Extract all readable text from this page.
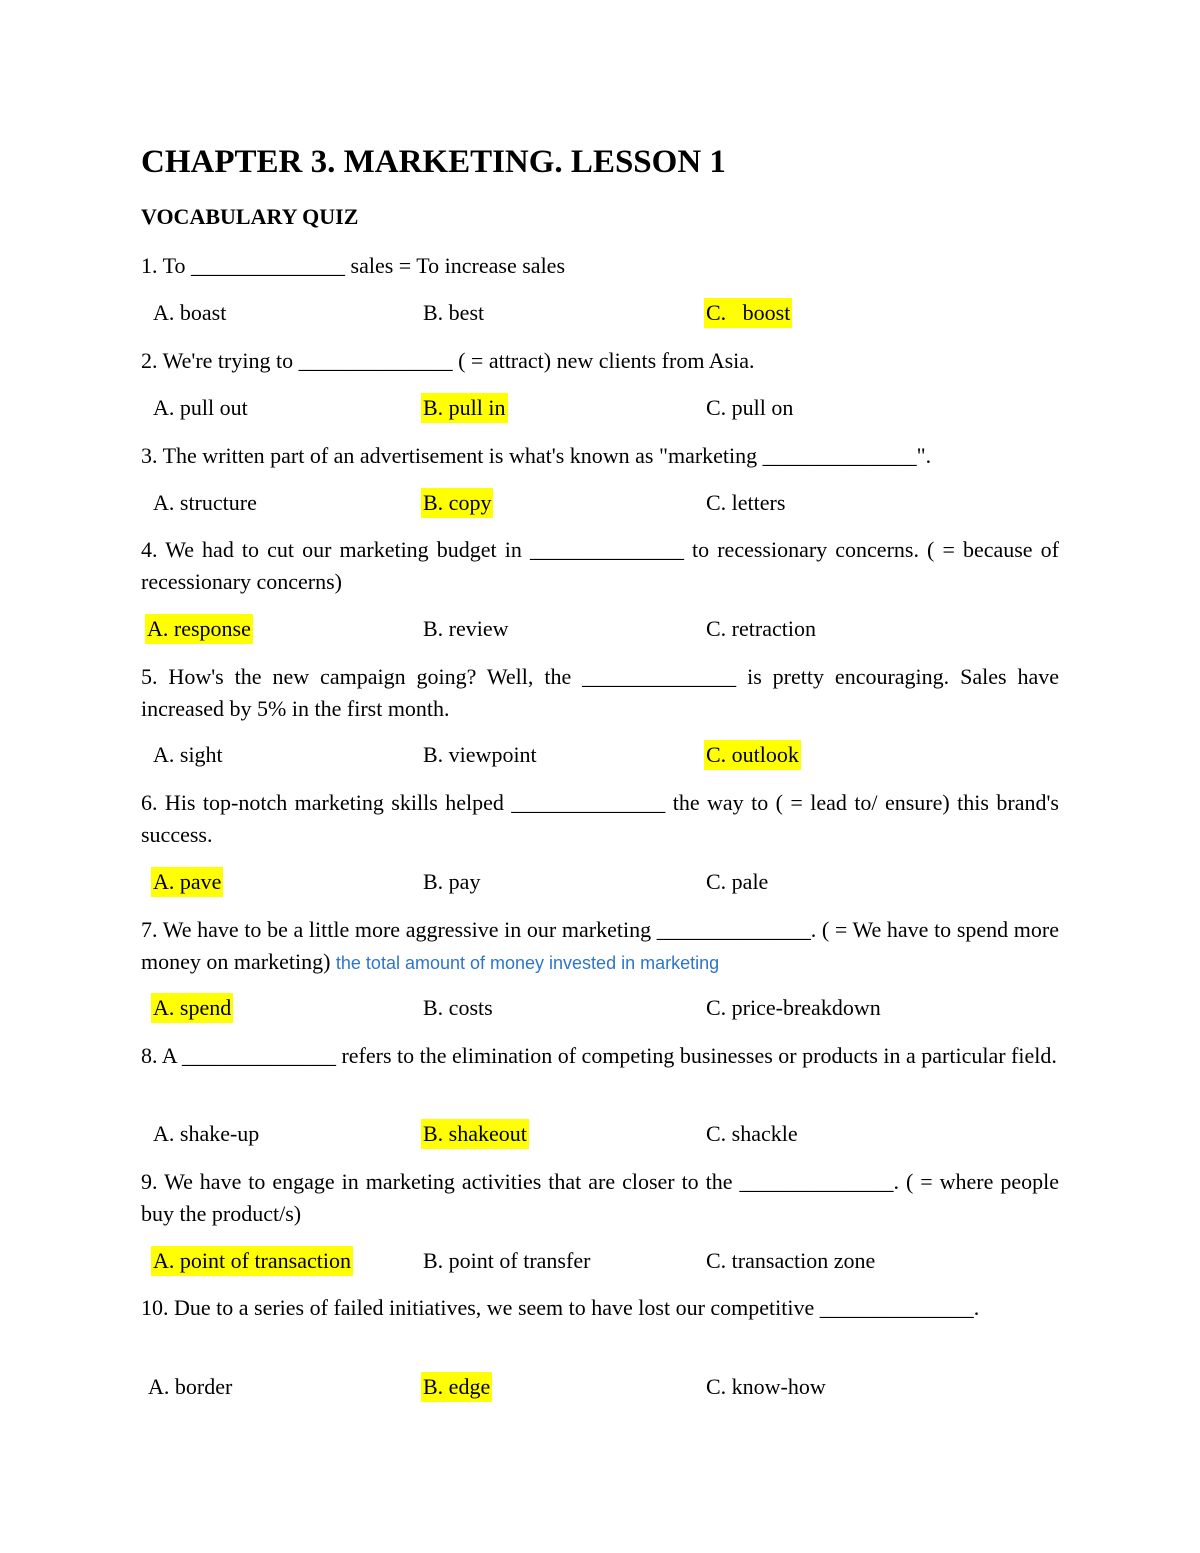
CHAPTER 3. MARKETING. LESSON 1
VOCABULARY QUIZ
1. To ______________ sales = To increase sales
A. boast	B. best	C.   boost
2. We're trying to ______________ ( = attract) new clients from Asia.
A. pull out	B. pull in	C. pull on
3. The written part of an advertisement is what's known as "marketing ______________".
A. structure	B. copy	C. letters
4. We had to cut our marketing budget in ______________ to recessionary concerns. ( = because of recessionary concerns)
A. response	B. review	C. retraction
5. How's the new campaign going? Well, the ______________ is pretty encouraging. Sales have increased by 5% in the first month.
A. sight	B. viewpoint	C. outlook
6. His top-notch marketing skills helped ______________ the way to ( = lead to/ ensure) this brand's success.
A. pave	B. pay	C. pale
7. We have to be a little more aggressive in our marketing ______________. ( = We have to spend more money on marketing) the total amount of money invested in marketing
A. spend	B. costs	C. price-breakdown
8. A ______________ refers to the elimination of competing businesses or products in a particular field.
A. shake-up	B. shakeout	C. shackle
9. We have to engage in marketing activities that are closer to the ______________. ( = where people buy the product/s)
A. point of transaction	B. point of transfer	C. transaction zone
10. Due to a series of failed initiatives, we seem to have lost our competitive ______________.
A. border	B. edge	C. know-how
